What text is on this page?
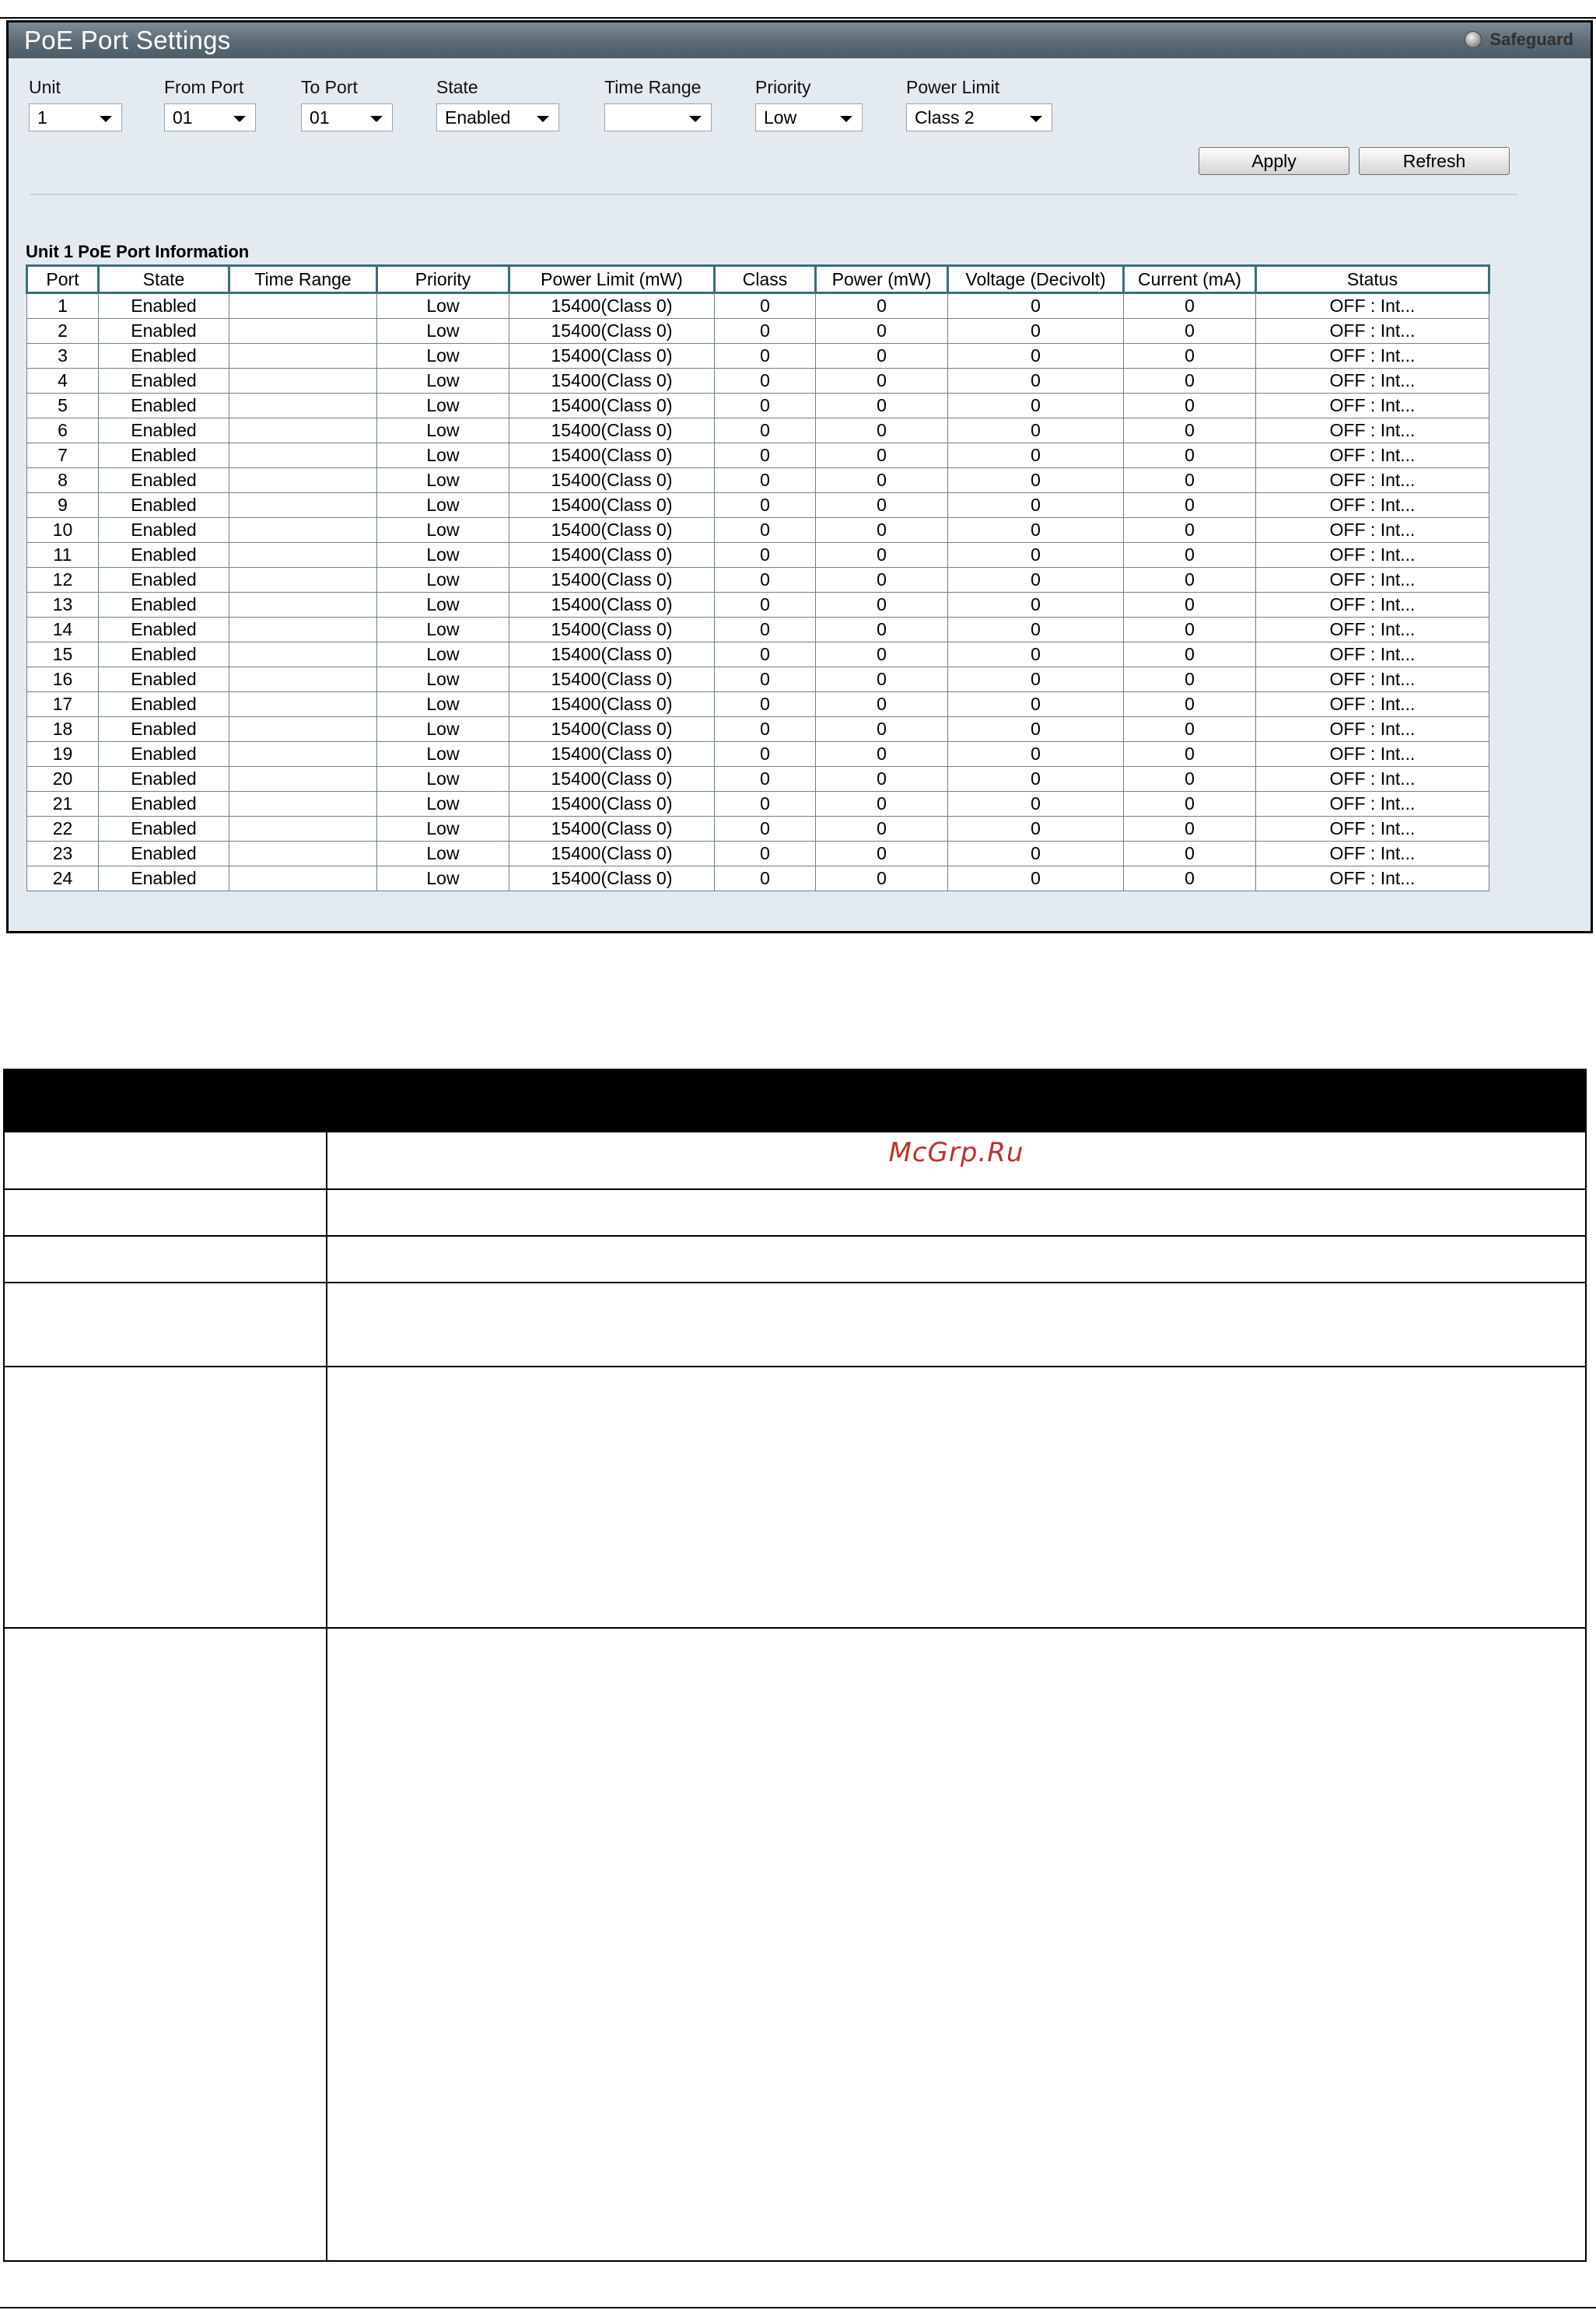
PoE Port Settings	Safeguard
Unit
1
From Port
01
To Port
01
State
Enabled
Time Range	Priority
Low
Power Limit
Class 2
Apply	Refresh
Unit 1 PoE Port Information
Port	State	Time Range	Priority	Power Limit (mW)	Class	Power (mW)	Voltage (Decivolt)	Current (mA)	Status
1	Enabled		Low	15400(Class 0)	0	0	0	0	OFF : Int...
2	Enabled		Low	15400(Class 0)	0	0	0	0	OFF : Int...
3	Enabled		Low	15400(Class 0)	0	0	0	0	OFF : Int...
4	Enabled		Low	15400(Class 0)	0	0	0	0	OFF : Int...
5	Enabled		Low	15400(Class 0)	0	0	0	0	OFF : Int...
6	Enabled		Low	15400(Class 0)	0	0	0	0	OFF : Int...
7	Enabled		Low	15400(Class 0)	0	0	0	0	OFF : Int...
8	Enabled		Low	15400(Class 0)	0	0	0	0	OFF : Int...
9	Enabled		Low	15400(Class 0)	0	0	0	0	OFF : Int...
10	Enabled		Low	15400(Class 0)	0	0	0	0	OFF : Int...
11	Enabled		Low	15400(Class 0)	0	0	0	0	OFF : Int...
12	Enabled		Low	15400(Class 0)	0	0	0	0	OFF : Int...
13	Enabled		Low	15400(Class 0)	0	0	0	0	OFF : Int...
14	Enabled		Low	15400(Class 0)	0	0	0	0	OFF : Int...
15	Enabled		Low	15400(Class 0)	0	0	0	0	OFF : Int...
16	Enabled		Low	15400(Class 0)	0	0	0	0	OFF : Int...
17	Enabled		Low	15400(Class 0)	0	0	0	0	OFF : Int...
18	Enabled		Low	15400(Class 0)	0	0	0	0	OFF : Int...
19	Enabled		Low	15400(Class 0)	0	0	0	0	OFF : Int...
20	Enabled		Low	15400(Class 0)	0	0	0	0	OFF : Int...
21	Enabled		Low	15400(Class 0)	0	0	0	0	OFF : Int...
22	Enabled		Low	15400(Class 0)	0	0	0	0	OFF : Int...
23	Enabled		Low	15400(Class 0)	0	0	0	0	OFF : Int...
24	Enabled		Low	15400(Class 0)	0	0	0	0	OFF : Int...

	McGrp.Ru
